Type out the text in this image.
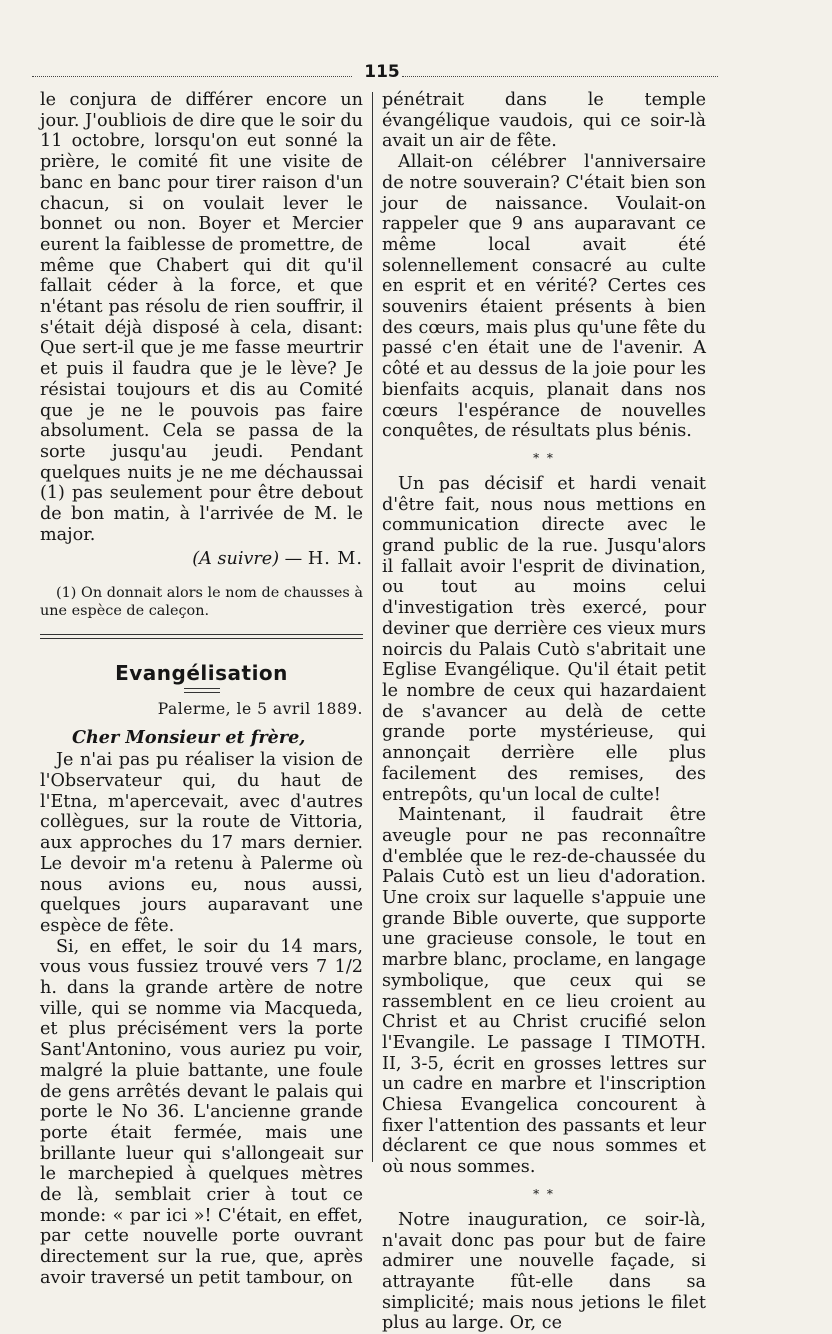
115

le conjura de différer encore un jour. J'oubliois de dire que le soir du 11 octobre, lorsqu'on eut sonné la prière, le comité fit une visite de banc en banc pour tirer raison d'un chacun, si on voulait lever le bonnet ou non. Boyer et Mercier eurent la faiblesse de promettre, de même que Chabert qui dit qu'il fallait céder à la force, et que n'étant pas résolu de rien souffrir, il s'était déjà disposé à cela, disant: Que sert-il que je me fasse meurtrir et puis il faudra que je le lève? Je résistai toujours et dis au Comité que je ne le pouvois pas faire absolument. Cela se passa de la sorte jusqu'au jeudi. Pendant quelques nuits je ne me déchaussai (1) pas seulement pour être debout de bon matin, à l'arrivée de M. le major.

(A suivre) — H. M.

(1) On donnait alors le nom de chausses à une espèce de caleçon.

Evangélisation

Palerme, le 5 avril 1889.

Cher Monsieur et frère,

Je n'ai pas pu réaliser la vision de l'Observateur qui, du haut de l'Etna, m'apercevait, avec d'autres collègues, sur la route de Vittoria, aux approches du 17 mars dernier. Le devoir m'a retenu à Palerme où nous avions eu, nous aussi, quelques jours auparavant une espèce de fête.

Si, en effet, le soir du 14 mars, vous vous fussiez trouvé vers 7 1/2 h. dans la grande artère de notre ville, qui se nomme via Macqueda, et plus précisément vers la porte Sant'Antonino, vous auriez pu voir, malgré la pluie battante, une foule de gens arrêtés devant le palais qui porte le No 36. L'ancienne grande porte était fermée, mais une brillante lueur qui s'allongeait sur le marchepied à quelques mètres de là, semblait crier à tout ce monde: « par ici »! C'était, en effet, par cette nouvelle porte ouvrant directement sur la rue, que, après avoir traversé un petit tambour, on

pénétrait dans le temple évangélique vaudois, qui ce soir-là avait un air de fête.

Allait-on célébrer l'anniversaire de notre souverain? C'était bien son jour de naissance. Voulait-on rappeler que 9 ans auparavant ce même local avait été solennellement consacré au culte en esprit et en vérité? Certes ces souvenirs étaient présents à bien des cœurs, mais plus qu'une fête du passé c'en était une de l'avenir. A côté et au dessus de la joie pour les bienfaits acquis, planait dans nos cœurs l'espérance de nouvelles conquêtes, de résultats plus bénis.

* *

Un pas décisif et hardi venait d'être fait, nous nous mettions en communication directe avec le grand public de la rue. Jusqu'alors il fallait avoir l'esprit de divination, ou tout au moins celui d'investigation très exercé, pour deviner que derrière ces vieux murs noircis du Palais Cutò s'abritait une Eglise Evangélique. Qu'il était petit le nombre de ceux qui hazardaient de s'avancer au delà de cette grande porte mystérieuse, qui annonçait derrière elle plus facilement des remises, des entrepôts, qu'un local de culte!

Maintenant, il faudrait être aveugle pour ne pas reconnaître d'emblée que le rez-de-chaussée du Palais Cutò est un lieu d'adoration. Une croix sur laquelle s'appuie une grande Bible ouverte, que supporte une gracieuse console, le tout en marbre blanc, proclame, en langage symbolique, que ceux qui se rassemblent en ce lieu croient au Christ et au Christ crucifié selon l'Evangile. Le passage I TIMOTH. II, 3-5, écrit en grosses lettres sur un cadre en marbre et l'inscription Chiesa Evangelica concourent à fixer l'attention des passants et leur déclarent ce que nous sommes et où nous sommes.

* *

Notre inauguration, ce soir-là, n'avait donc pas pour but de faire admirer une nouvelle façade, si attrayante fût-elle dans sa simplicité; mais nous jetions le filet plus au large. Or, ce
